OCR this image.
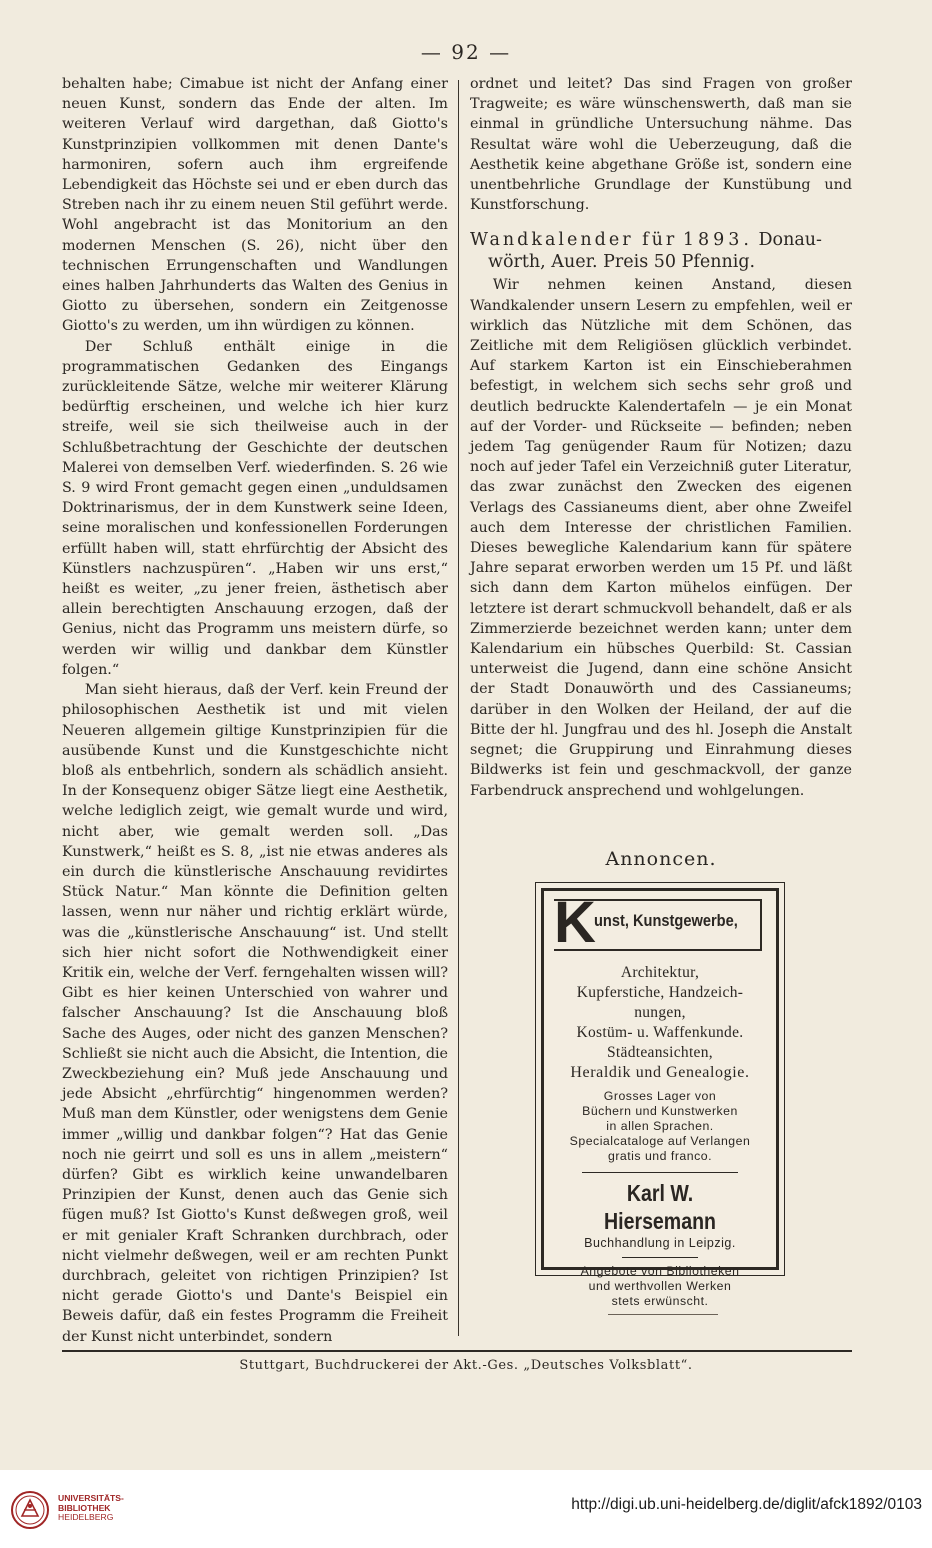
— 92 —

behalten habe; Cimabue ist nicht der Anfang einer neuen Kunst, sondern das Ende der alten. Im weiteren Verlauf wird dargethan, daß Giotto's Kunstprinzipien vollkommen mit denen Dante's harmoniren, sofern auch ihm ergreifende Lebendigkeit das Höchste sei und er eben durch das Streben nach ihr zu einem neuen Stil geführt werde. Wohl angebracht ist das Monitorium an den modernen Menschen (S. 26), nicht über den technischen Errungenschaften und Wandlungen eines halben Jahrhunderts das Walten des Genius in Giotto zu übersehen, sondern ein Zeitgenosse Giotto's zu werden, um ihn würdigen zu können.

Der Schluß enthält einige in die programmatischen Gedanken des Eingangs zurückleitende Sätze, welche mir weiterer Klärung bedürftig erscheinen, und welche ich hier kurz streife, weil sie sich theilweise auch in der Schlußbetrachtung der Geschichte der deutschen Malerei von demselben Verf. wiederfinden. S. 26 wie S. 9 wird Front gemacht gegen einen „unduldsamen Doktrinarismus, der in dem Kunstwerk seine Ideen, seine moralischen und konfessionellen Forderungen erfüllt haben will, statt ehrfürchtig der Absicht des Künstlers nachzuspüren“. „Haben wir uns erst,“ heißt es weiter, „zu jener freien, ästhetisch aber allein berechtigten Anschauung erzogen, daß der Genius, nicht das Programm uns meistern dürfe, so werden wir willig und dankbar dem Künstler folgen.“

Man sieht hieraus, daß der Verf. kein Freund der philosophischen Aesthetik ist und mit vielen Neueren allgemein giltige Kunstprinzipien für die ausübende Kunst und die Kunstgeschichte nicht bloß als entbehrlich, sondern als schädlich ansieht. In der Konsequenz obiger Sätze liegt eine Aesthetik, welche lediglich zeigt, wie gemalt wurde und wird, nicht aber, wie gemalt werden soll. „Das Kunstwerk,“ heißt es S. 8, „ist nie etwas anderes als ein durch die künstlerische Anschauung revidirtes Stück Natur.“ Man könnte die Definition gelten lassen, wenn nur näher und richtig erklärt würde, was die „künstlerische Anschauung“ ist. Und stellt sich hier nicht sofort die Nothwendigkeit einer Kritik ein, welche der Verf. ferngehalten wissen will? Gibt es hier keinen Unterschied von wahrer und falscher Anschauung? Ist die Anschauung bloß Sache des Auges, oder nicht des ganzen Menschen? Schließt sie nicht auch die Absicht, die Intention, die Zweckbeziehung ein? Muß jede Anschauung und jede Absicht „ehrfürchtig“ hingenommen werden? Muß man dem Künstler, oder wenigstens dem Genie immer „willig und dankbar folgen“? Hat das Genie noch nie geirrt und soll es uns in allem „meistern“ dürfen? Gibt es wirklich keine unwandelbaren Prinzipien der Kunst, denen auch das Genie sich fügen muß? Ist Giotto's Kunst deßwegen groß, weil er mit genialer Kraft Schranken durchbrach, oder nicht vielmehr deßwegen, weil er am rechten Punkt durchbrach, geleitet von richtigen Prinzipien? Ist nicht gerade Giotto's und Dante's Beispiel ein Beweis dafür, daß ein festes Programm die Freiheit der Kunst nicht unterbindet, sondern

ordnet und leitet? Das sind Fragen von großer Tragweite; es wäre wünschenswerth, daß man sie einmal in gründliche Untersuchung nähme. Das Resultat wäre wohl die Ueberzeugung, daß die Aesthetik keine abgethane Größe ist, sondern eine unentbehrliche Grundlage der Kunstübung und Kunstforschung.

Wandkalender für 1893. Donau-
wörth, Auer. Preis 50 Pfennig.

Wir nehmen keinen Anstand, diesen Wandkalender unsern Lesern zu empfehlen, weil er wirklich das Nützliche mit dem Schönen, das Zeitliche mit dem Religiösen glücklich verbindet. Auf starkem Karton ist ein Einschieberahmen befestigt, in welchem sich sechs sehr groß und deutlich bedruckte Kalendertafeln — je ein Monat auf der Vorder- und Rückseite — befinden; neben jedem Tag genügender Raum für Notizen; dazu noch auf jeder Tafel ein Verzeichniß guter Literatur, das zwar zunächst den Zwecken des eigenen Verlags des Cassianeums dient, aber ohne Zweifel auch dem Interesse der christlichen Familien. Dieses bewegliche Kalendarium kann für spätere Jahre separat erworben werden um 15 Pf. und läßt sich dann dem Karton mühelos einfügen. Der letztere ist derart schmuckvoll behandelt, daß er als Zimmerzierde bezeichnet werden kann; unter dem Kalendarium ein hübsches Querbild: St. Cassian unterweist die Jugend, dann eine schöne Ansicht der Stadt Donauwörth und des Cassianeums; darüber in den Wolken der Heiland, der auf die Bitte der hl. Jungfrau und des hl. Joseph die Anstalt segnet; die Gruppirung und Einrahmung dieses Bildwerks ist fein und geschmackvoll, der ganze Farbendruck ansprechend und wohlgelungen.

Annoncen.
K
unst, Kunstgewerbe,
Architektur,
Kupferstiche, Handzeich-
nungen,
Kostüm- u. Waffenkunde.
Städteansichten,
Heraldik und Genealogie.
Grosses Lager von
Büchern und Kunstwerken
in allen Sprachen.
Specialcataloge auf Verlangen
gratis und franco.
Karl W. Hiersemann
Buchhandlung in Leipzig.
Angebote von Bibliotheken
und werthvollen Werken
stets erwünscht.
Stuttgart, Buchdruckerei der Akt.-Ges. „Deutsches Volksblatt“.
UNIVERSITÄTS-
BIBLIOTHEK
HEIDELBERG
http://digi.ub.uni-heidelberg.de/diglit/afck1892/0103
